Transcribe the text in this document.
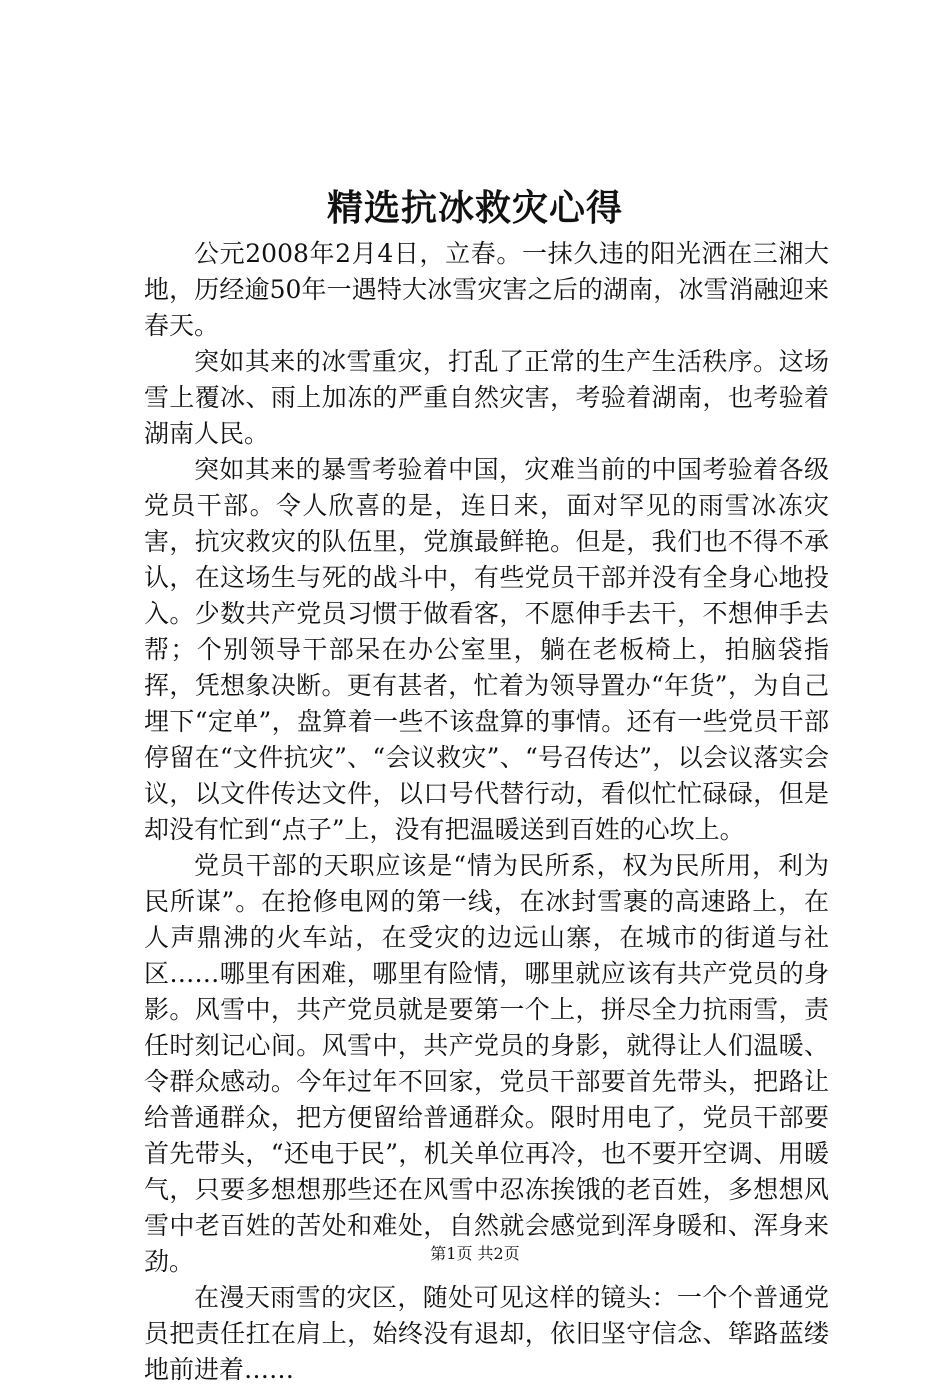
精选抗冰救灾心得

公元2008年2月4日，立春。一抹久违的阳光洒在三湘大地，历经逾50年一遇特大冰雪灾害之后的湖南，冰雪消融迎来春天。

突如其来的冰雪重灾，打乱了正常的生产生活秩序。这场雪上覆冰、雨上加冻的严重自然灾害，考验着湖南，也考验着湖南人民。

突如其来的暴雪考验着中国，灾难当前的中国考验着各级党员干部。令人欣喜的是，连日来，面对罕见的雨雪冰冻灾害，抗灾救灾的队伍里，党旗最鲜艳。但是，我们也不得不承认，在这场生与死的战斗中，有些党员干部并没有全身心地投入。少数共产党员习惯于做看客，不愿伸手去干，不想伸手去帮；个别领导干部呆在办公室里，躺在老板椅上，拍脑袋指挥，凭想象决断。更有甚者，忙着为领导置办“年货”，为自己埋下“定单”，盘算着一些不该盘算的事情。还有一些党员干部停留在“文件抗灾”、“会议救灾”、“号召传达”，以会议落实会议，以文件传达文件，以口号代替行动，看似忙忙碌碌，但是却没有忙到“点子”上，没有把温暖送到百姓的心坎上。

党员干部的天职应该是“情为民所系，权为民所用，利为民所谋”。在抢修电网的第一线，在冰封雪裹的高速路上，在人声鼎沸的火车站，在受灾的边远山寨，在城市的街道与社区……哪里有困难，哪里有险情，哪里就应该有共产党员的身影。风雪中，共产党员就是要第一个上，拼尽全力抗雨雪，责任时刻记心间。风雪中，共产党员的身影，就得让人们温暖、令群众感动。今年过年不回家，党员干部要首先带头，把路让给普通群众，把方便留给普通群众。限时用电了，党员干部要首先带头，“还电于民”，机关单位再冷，也不要开空调、用暖气，只要多想想那些还在风雪中忍冻挨饿的老百姓，多想想风雪中老百姓的苦处和难处，自然就会感觉到浑身暖和、浑身来劲。

在漫天雨雪的灾区，随处可见这样的镜头：一个个普通党员把责任扛在肩上，始终没有退却，依旧坚守信念、筚路蓝缕地前进着……

第1页 共2页
